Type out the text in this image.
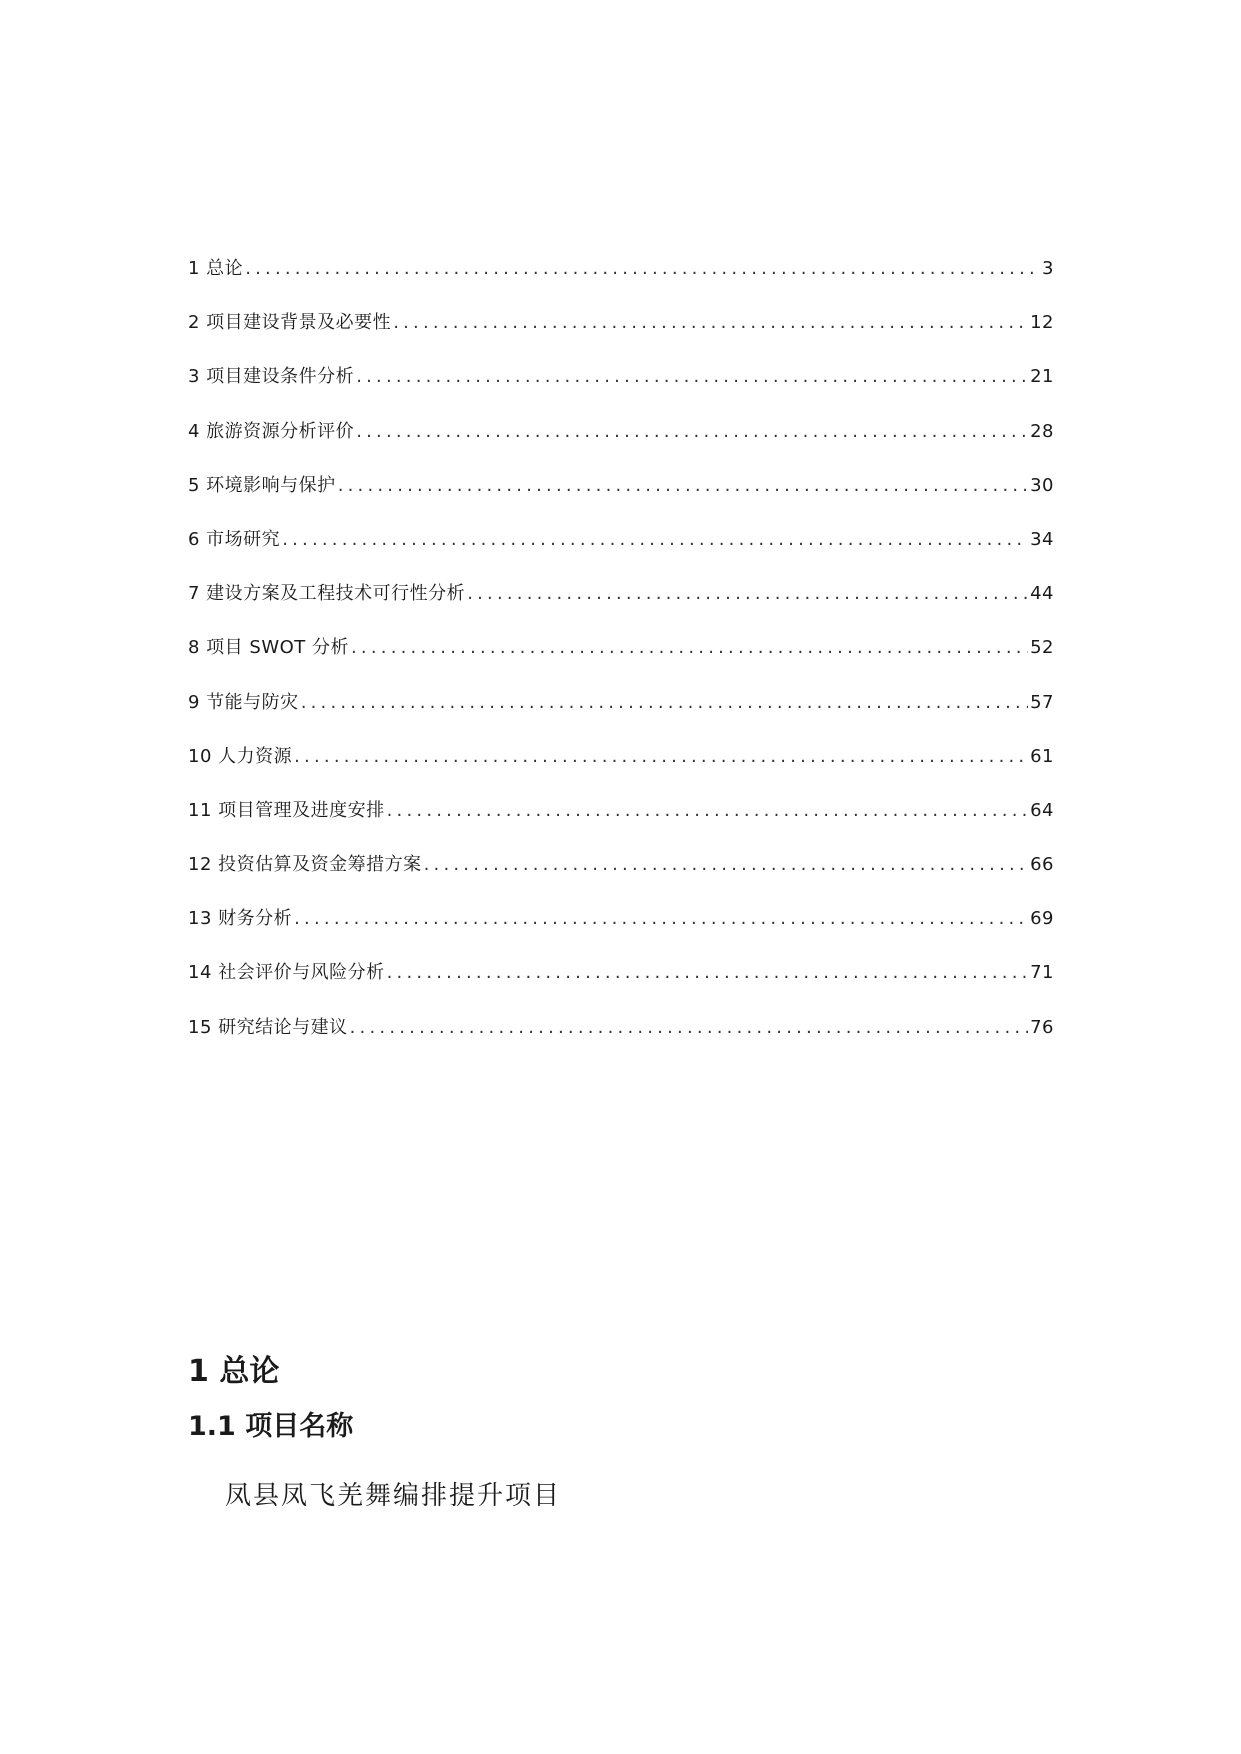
1 总论 .....	3
2 项目建设背景及必要性 .....	12
3 项目建设条件分析 .....	21
4 旅游资源分析评价 .....	28
5 环境影响与保护 .....	30
6 市场研究 .....	34
7 建设方案及工程技术可行性分析 .....	44
8 项目 SWOT 分析 .....	52
9 节能与防灾 .....	57
10 人力资源 .....	61
11 项目管理及进度安排 .....	64
12 投资估算及资金筹措方案 .....	66
13 财务分析 .....	69
14 社会评价与风险分析 .....	71
15 研究结论与建议 .....	76
1 总论
1.1 项目名称

凤县凤飞羌舞编排提升项目
